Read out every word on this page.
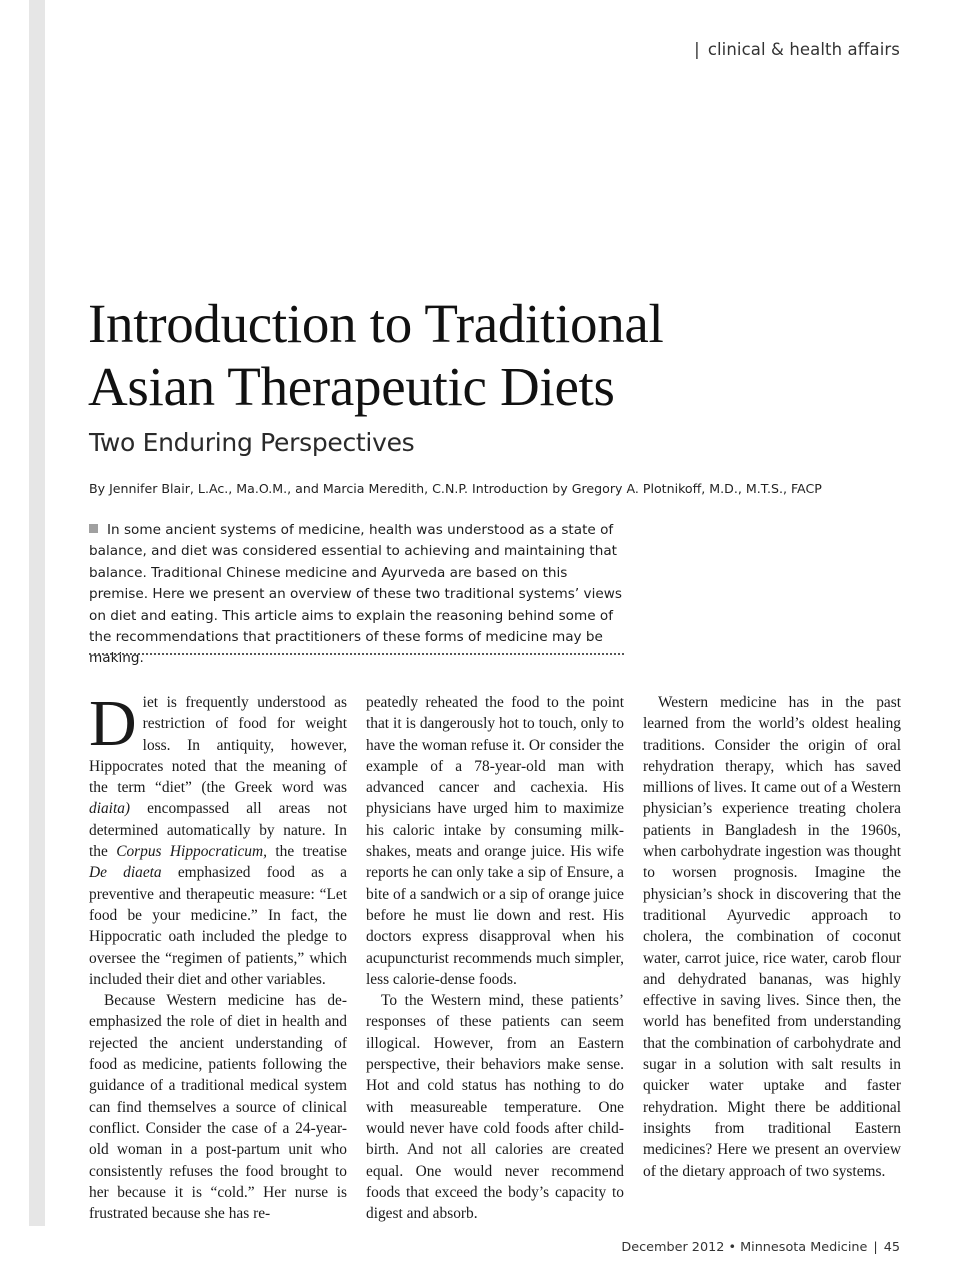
| clinical & health affairs
Introduction to Traditional
Asian Therapeutic Diets
Two Enduring Perspectives
By Jennifer Blair, L.Ac., Ma.O.M., and Marcia Meredith, C.N.P. Introduction by Gregory A. Plotnikoff, M.D., M.T.S., FACP

In some ancient systems of medicine, health was understood as a state of balance, and diet was considered essential to achieving and maintaining that balance. Traditional Chinese medicine and Ayurveda are based on this premise. Here we present an overview of these two traditional systems’ views on diet and eating. This article aims to explain the reasoning behind some of the recommendations that practitioners of these forms of medicine may be making.

Diet is frequently understood as restriction of food for weight loss. In antiquity, however, Hippocrates noted that the meaning of the term “diet” (the Greek word was diaita) encompassed all areas not determined automatically by nature. In the Corpus Hippocraticum, the treatise De diaeta emphasized food as a preventive and therapeutic measure: “Let food be your medicine.” In fact, the Hippocratic oath included the pledge to oversee the “regimen of patients,” which included their diet and other variables.

Because Western medicine has de-emphasized the role of diet in health and rejected the ancient understanding of food as medicine, patients following the guidance of a traditional medical system can find themselves a source of clinical conflict. Consider the case of a 24-year-old woman in a post-partum unit who consistently refuses the food brought to her because it is “cold.” Her nurse is frustrated because she has re-

peatedly reheated the food to the point that it is dangerously hot to touch, only to have the woman refuse it. Or consider the example of a 78-year-old man with advanced cancer and cachexia. His physicians have urged him to maximize his caloric intake by consuming milk-shakes, meats and orange juice. His wife reports he can only take a sip of Ensure, a bite of a sandwich or a sip of orange juice before he must lie down and rest. His doctors express disapproval when his acupuncturist recommends much simpler, less calorie-dense foods.

To the Western mind, these patients’ responses of these patients can seem illogical. However, from an Eastern perspective, their behaviors make sense. Hot and cold status has nothing to do with measureable temperature. One would never have cold foods after child-birth. And not all calories are created equal. One would never recommend foods that exceed the body’s capacity to digest and absorb.

Western medicine has in the past learned from the world’s oldest healing traditions. Consider the origin of oral rehydration therapy, which has saved millions of lives. It came out of a Western physician’s experience treating cholera patients in Bangladesh in the 1960s, when carbohydrate ingestion was thought to worsen prognosis. Imagine the physician’s shock in discovering that the traditional Ayurvedic approach to cholera, the combination of coconut water, carrot juice, rice water, carob flour and dehydrated bananas, was highly effective in saving lives. Since then, the world has benefited from understanding that the combination of carbohydrate and sugar in a solution with salt results in quicker water uptake and faster rehydration. Might there be additional insights from traditional Eastern medicines? Here we present an overview of the dietary approach of two systems.

December 2012 • Minnesota Medicine | 45
